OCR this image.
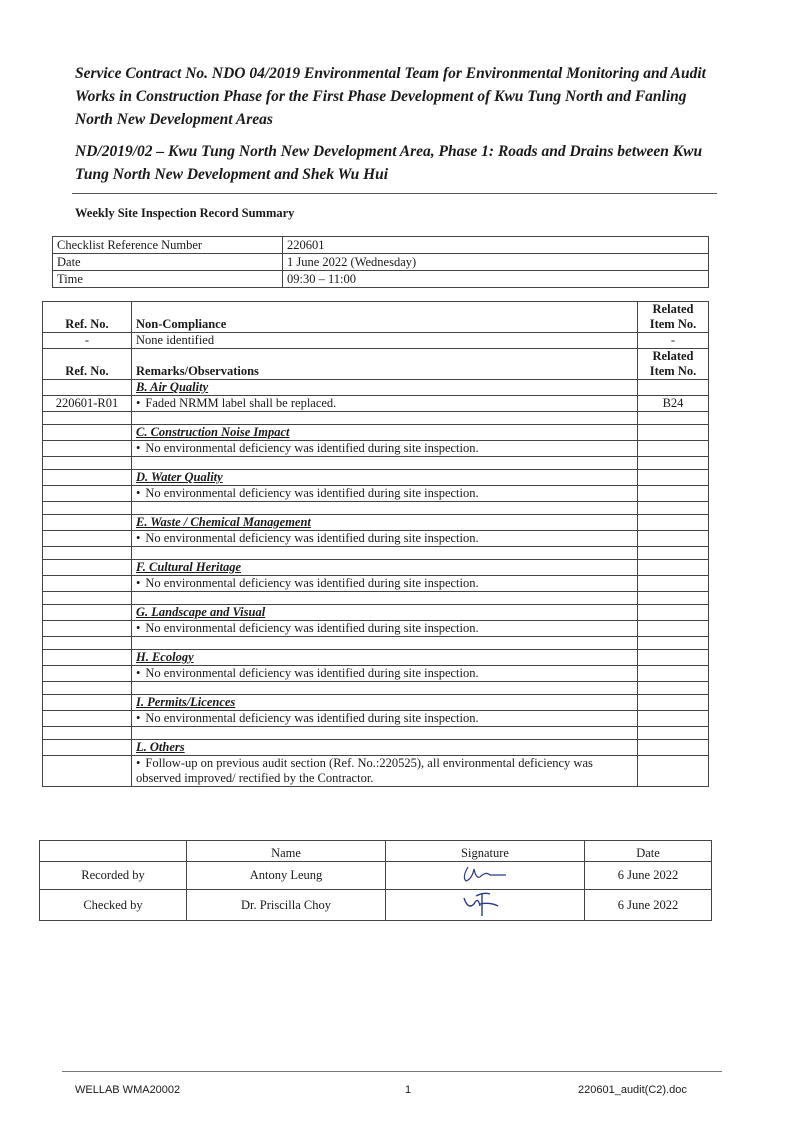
Service Contract No. NDO 04/2019 Environmental Team for Environmental Monitoring and Audit Works in Construction Phase for the First Phase Development of Kwu Tung North and Fanling North New Development Areas

ND/2019/02 – Kwu Tung North New Development Area, Phase 1: Roads and Drains between Kwu Tung North New Development and Shek Wu Hui

Weekly Site Inspection Record Summary
Checklist Reference Number	220601
Date	1 June 2022 (Wednesday)
Time	09:30 – 11:00
Ref. No.	Non-Compliance	Related Item No.
-	None identified	-
Ref. No.	Remarks/Observations	Related Item No.
	B. Air Quality	
220601-R01	• Faded NRMM label shall be replaced.	B24

	C. Construction Noise Impact	
	• No environmental deficiency was identified during site inspection.	

	D. Water Quality	
	• No environmental deficiency was identified during site inspection.	

	E. Waste / Chemical Management	
	• No environmental deficiency was identified during site inspection.	

	F. Cultural Heritage	
	• No environmental deficiency was identified during site inspection.	

	G. Landscape and Visual	
	• No environmental deficiency was identified during site inspection.	

	H. Ecology	
	• No environmental deficiency was identified during site inspection.	

	I. Permits/Licences	
	• No environmental deficiency was identified during site inspection.	

	L. Others	
	• Follow-up on previous audit section (Ref. No.:220525), all environmental deficiency was observed improved/ rectified by the Contractor.	
	Name	Signature	Date
Recorded by	Antony Leung		6 June 2022
Checked by	Dr. Priscilla Choy		6 June 2022
WELLAB WMA20002	1	220601_audit(C2).doc
